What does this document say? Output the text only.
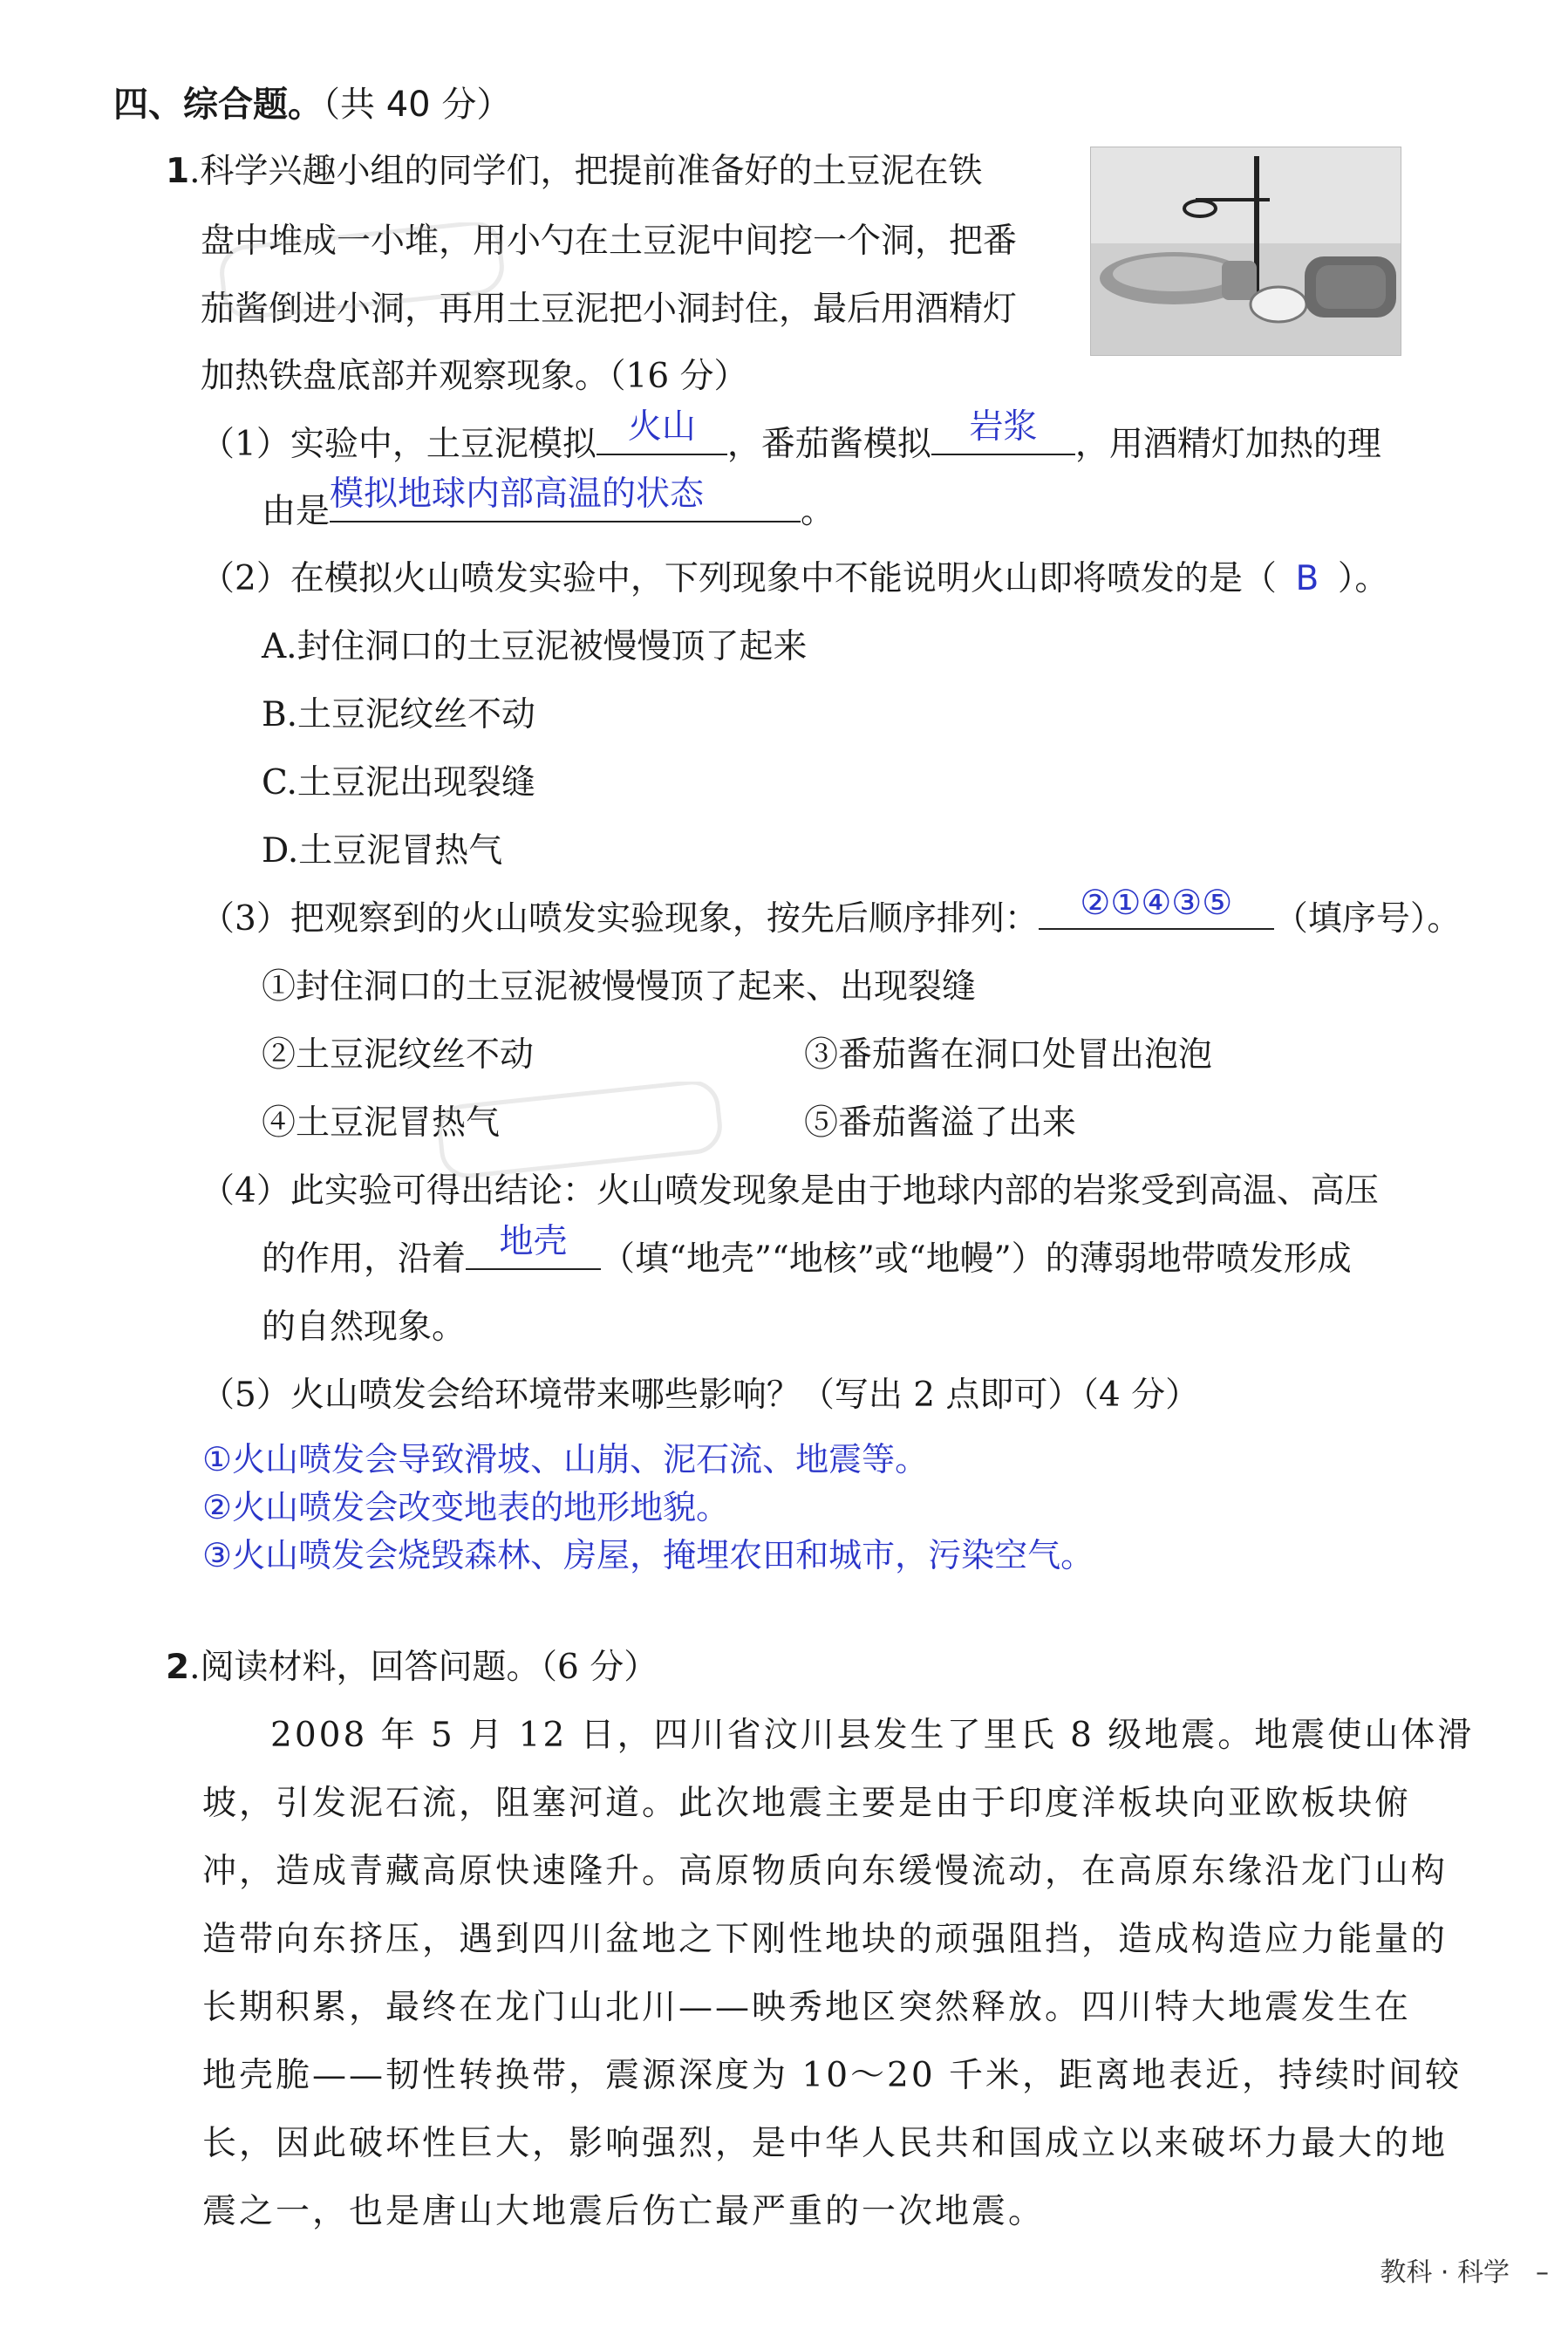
四、综合题。（共 40 分）
1.科学兴趣小组的同学们，把提前准备好的土豆泥在铁
盘中堆成一小堆，用小勺在土豆泥中间挖一个洞，把番
茄酱倒进小洞，再用土豆泥把小洞封住，最后用酒精灯
加热铁盘底部并观察现象。（16 分）
（1）实验中，土豆泥模拟 火山 ，番茄酱模拟	岩浆	，用酒精灯加热的理
由是 模拟地球内部高温的状态	。
（2）在模拟火山喷发实验中，下列现象中不能说明火山即将喷发的是（ B ）。
A.封住洞口的土豆泥被慢慢顶了起来
B.土豆泥纹丝不动
C.土豆泥出现裂缝
D.土豆泥冒热气
（3）把观察到的火山喷发实验现象，按先后顺序排列：	②①④③⑤	（填序号）。
①封住洞口的土豆泥被慢慢顶了起来、出现裂缝
②土豆泥纹丝不动	③番茄酱在洞口处冒出泡泡
④土豆泥冒热气	⑤番茄酱溢了出来
（4）此实验可得出结论：火山喷发现象是由于地球内部的岩浆受到高温、高压
的作用，沿着 地壳 （填“地壳”“地核”或“地幔”）的薄弱地带喷发形成
的自然现象。
（5）火山喷发会给环境带来哪些影响？（写出 2 点即可）（4 分）
①火山喷发会导致滑坡、山崩、泥石流、地震等。
②火山喷发会改变地表的地形地貌。
③火山喷发会烧毁森林、房屋，掩埋农田和城市，污染空气。
2.阅读材料，回答问题。（6 分）
2008 年 5 月 12 日，四川省汶川县发生了里氏 8 级地震。地震使山体滑
坡，引发泥石流，阻塞河道。此次地震主要是由于印度洋板块向亚欧板块俯
冲，造成青藏高原快速隆升。高原物质向东缓慢流动，在高原东缘沿龙门山构
造带向东挤压，遇到四川盆地之下刚性地块的顽强阻挡，造成构造应力能量的
长期积累，最终在龙门山北川——映秀地区突然释放。四川特大地震发生在
地壳脆——韧性转换带，震源深度为 10～20 千米，距离地表近，持续时间较
长，因此破坏性巨大，影响强烈，是中华人民共和国成立以来破坏力最大的地
震之一，也是唐山大地震后伤亡最严重的一次地震。
教科 · 科学　–
